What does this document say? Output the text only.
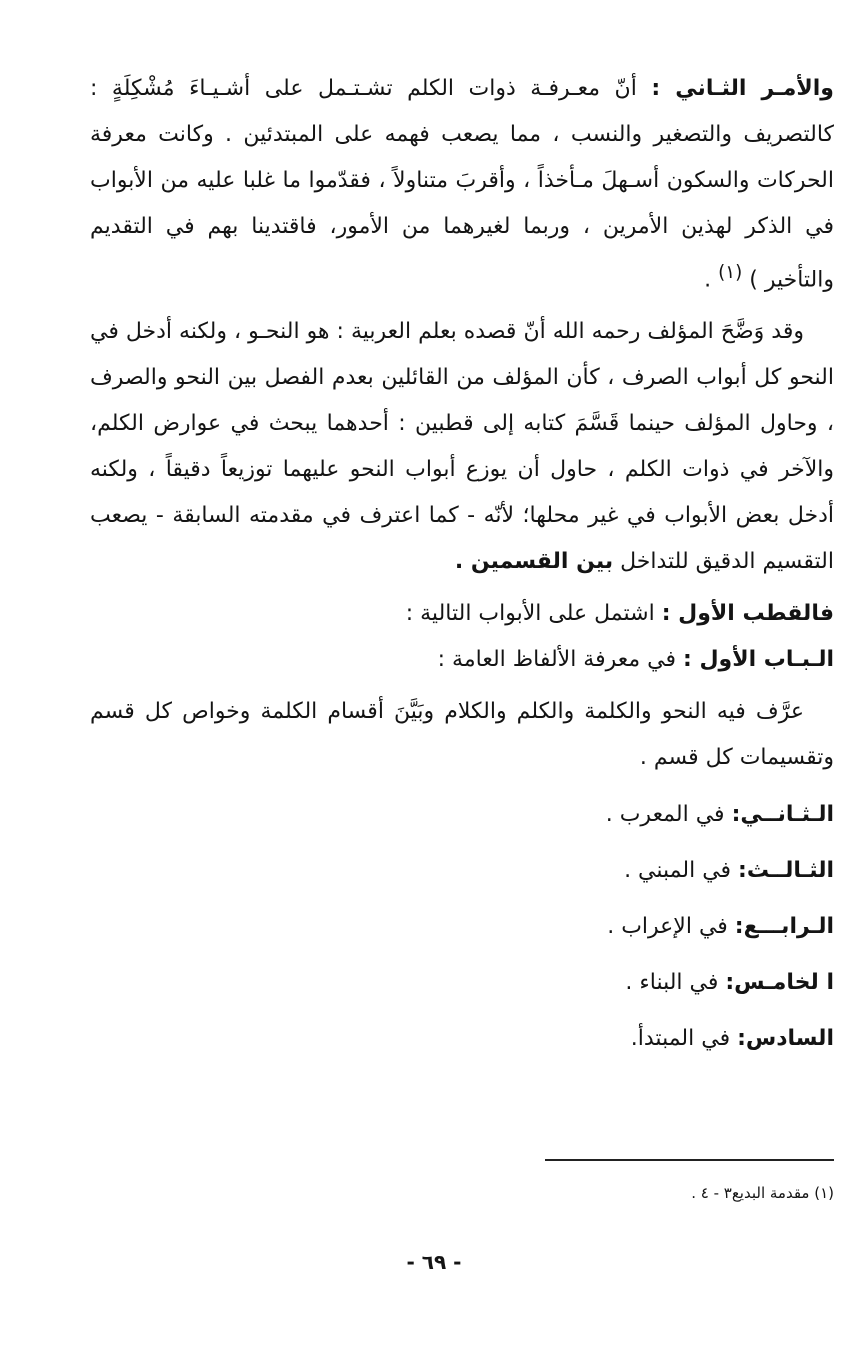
والأمـر الثـاني : أنّ معـرفـة ذوات الكلم تشـتـمل على أشـيـاءَ مُشْكِلَةٍ : كالتصريف والتصغير والنسب ، مما يصعب فهمه على المبتدئين . وكانت معرفة الحركات والسكون أسـهلَ مـأخذاً ، وأقربَ متناولاً ، فقدّموا ما غلبا عليه من الأبواب في الذكر لهذين الأمرين ، وربما لغيرهما من الأمور، فاقتدينا بهم في التقديم والتأخير ) $^{(١)}$ .

وقد وَضَّحَ المؤلف رحمه الله أنّ قصده بعلم العربية : هو النحـو ، ولكنه أدخل في النحو كل أبواب الصرف ، كأن المؤلف من القائلين بعدم الفصل بين النحو والصرف ، وحاول المؤلف حينما قَسَّمَ كتابه إلى قطبين : أحدهما يبحث في عوارض الكلم، والآخر في ذوات الكلم ، حاول أن يوزع أبواب النحو عليهما توزيعاً دقيقاً ، ولكنه أدخل بعض الأبواب في غير محلها؛ لأنّه - كما اعترف في مقدمته السابقة - يصعب التقسيم الدقيق للتداخل بين القسمين .

فالقطب الأول : اشتمل على الأبواب التالية :

الـبـاب الأول : في معرفة الألفاظ العامة :

عرَّف فيه النحو والكلمة والكلم والكلام وبَيَّنَ أقسام الكلمة وخواص كل قسم وتقسيمات كل قسم .

الـثـانــي: في المعرب .

الثـالــث: في المبني .

الـرابـــع: في الإعراب .

ا لخامـس: في البناء .

السادس: في المبتدأ.

(١) مقدمة البديع٣ - ٤ .
- ٦٩ -
